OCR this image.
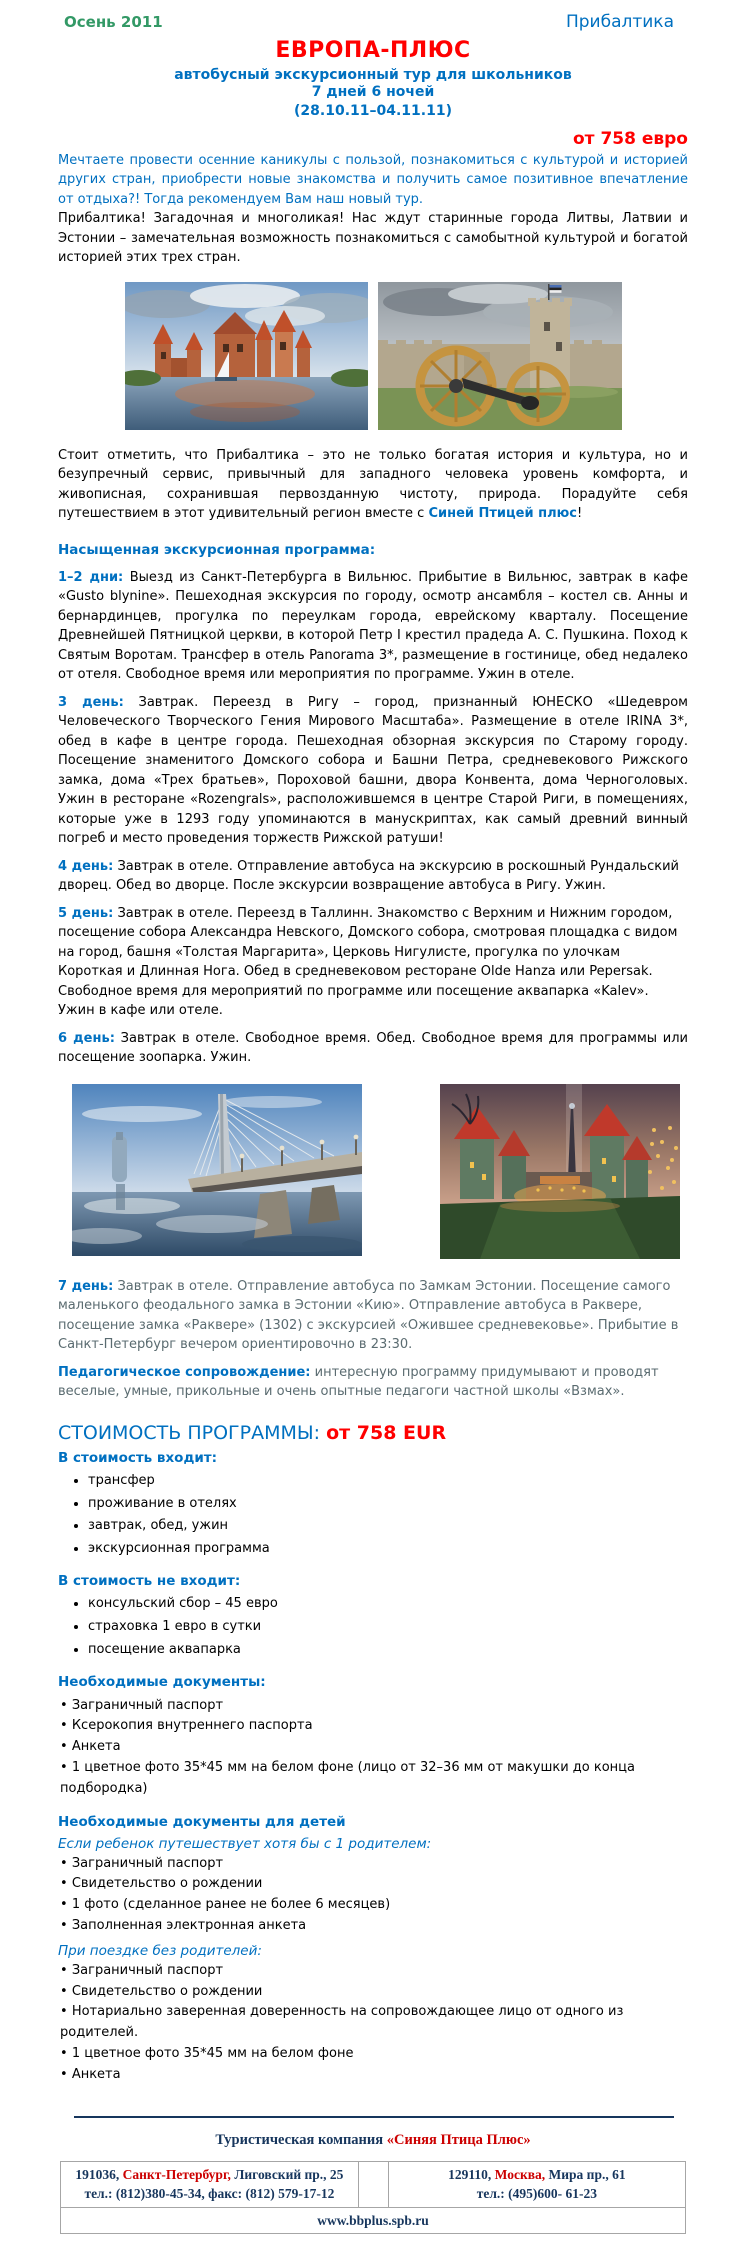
Осень 2011	Прибалтика
ЕВРОПА-ПЛЮС
автобусный экскурсионный тур для школьников
7 дней 6 ночей
(28.10.11–04.11.11)
от 758 евро

Мечтаете провести осенние каникулы с пользой, познакомиться с культурой и историей других стран, приобрести новые знакомства и получить самое позитивное впечатление от отдыха?! Тогда рекомендуем Вам наш новый тур.

Прибалтика! Загадочная и многоликая! Нас ждут старинные города Литвы, Латвии и Эстонии – замечательная возможность познакомиться с самобытной культурой и богатой историей этих трех стран.

Стоит отметить, что Прибалтика – это не только богатая история и культура, но и безупречный сервис, привычный для западного человека уровень комфорта, и живописная, сохранившая первозданную чистоту, природа. Порадуйте себя путешествием в этот удивительный регион вместе с Синей Птицей плюс!

Насыщенная экскурсионная программа:

1–2 дни: Выезд из Санкт-Петербурга в Вильнюс. Прибытие в Вильнюс, завтрак в кафе «Gusto blynine». Пешеходная экскурсия по городу, осмотр ансамбля – костел св. Анны и бернардинцев, прогулка по переулкам города, еврейскому кварталу. Посещение Древнейшей Пятницкой церкви, в которой Петр I крестил прадеда А. С. Пушкина. Поход к Святым Воротам. Трансфер в отель Panorama 3*, размещение в гостинице, обед недалеко от отеля. Свободное время или мероприятия по программе. Ужин в отеле.

3 день: Завтрак. Переезд в Ригу – город, признанный ЮНЕСКО «Шедевром Человеческого Творческого Гения Мирового Масштаба». Размещение в отеле IRINA 3*, обед в кафе в центре города. Пешеходная обзорная экскурсия по Старому городу. Посещение знаменитого Домского собора и Башни Петра, средневекового Рижского замка, дома «Трех братьев», Пороховой башни, двора Конвента, дома Черноголовых. Ужин в ресторане «Rozengrals», расположившемся в центре Старой Риги, в помещениях, которые уже в 1293 году упоминаются в манускриптах, как самый древний винный погреб и место проведения торжеств Рижской ратуши!

4 день: Завтрак в отеле. Отправление автобуса на экскурсию в роскошный Рундальский дворец. Обед во дворце. После экскурсии возвращение автобуса в Ригу. Ужин.

5 день: Завтрак в отеле. Переезд в Таллинн. Знакомство с Верхним и Нижним городом, посещение собора Александра Невского, Домского собора, смотровая площадка с видом на город, башня «Толстая Маргарита», Церковь Нигулисте, прогулка по улочкам Короткая и Длинная Нога. Обед в средневековом ресторане Olde Hanza или Pepersak.
Свободное время для мероприятий по программе или посещение аквапарка «Kalev». Ужин в кафе или отеле.

6 день: Завтрак в отеле. Свободное время. Обед. Свободное время для программы или посещение зоопарка. Ужин.

7 день: Завтрак в отеле. Отправление автобуса по Замкам Эстонии. Посещение самого маленького феодального замка в Эстонии «Кию». Отправление автобуса в Раквере, посещение замка «Раквере» (1302) с экскурсией «Ожившее средневековье». Прибытие в Санкт-Петербург вечером ориентировочно в 23:30.

Педагогическое сопровождение: интересную программу придумывают и проводят веселые, умные, прикольные и очень опытные педагоги частной школы «Взмах».

СТОИМОСТЬ ПРОГРАММЫ: от 758 EUR
В стоимость входит:
• трансфер
• проживание в отелях
• завтрак, обед, ужин
• экскурсионная программа
В стоимость не входит:
• консульский сбор – 45 евро
• страховка 1 евро в сутки
• посещение аквапарка
Необходимые документы:
• Заграничный паспорт
• Ксерокопия внутреннего паспорта
• Анкета
• 1 цветное фото 35*45 мм на белом фоне (лицо от 32–36 мм от макушки до конца подбородка)
Необходимые документы для детей
Если ребенок путешествует хотя бы с 1 родителем:
• Заграничный паспорт
• Свидетельство о рождении
• 1 фото (сделанное ранее не более 6 месяцев)
• Заполненная электронная анкета
При поездке без родителей:
• Заграничный паспорт
• Свидетельство о рождении
• Нотариально заверенная доверенность на сопровождающее лицо от одного из родителей.
• 1 цветное фото 35*45 мм на белом фоне
• Анкета
Туристическая компания «Синяя Птица Плюс»
191036, Санкт-Петербург, Лиговский пр., 25
тел.: (812)380-45-34, факс: (812) 579-17-12		129110, Москва, Мира пр., 61
тел.: (495)600- 61-23
www.bbplus.spb.ru
